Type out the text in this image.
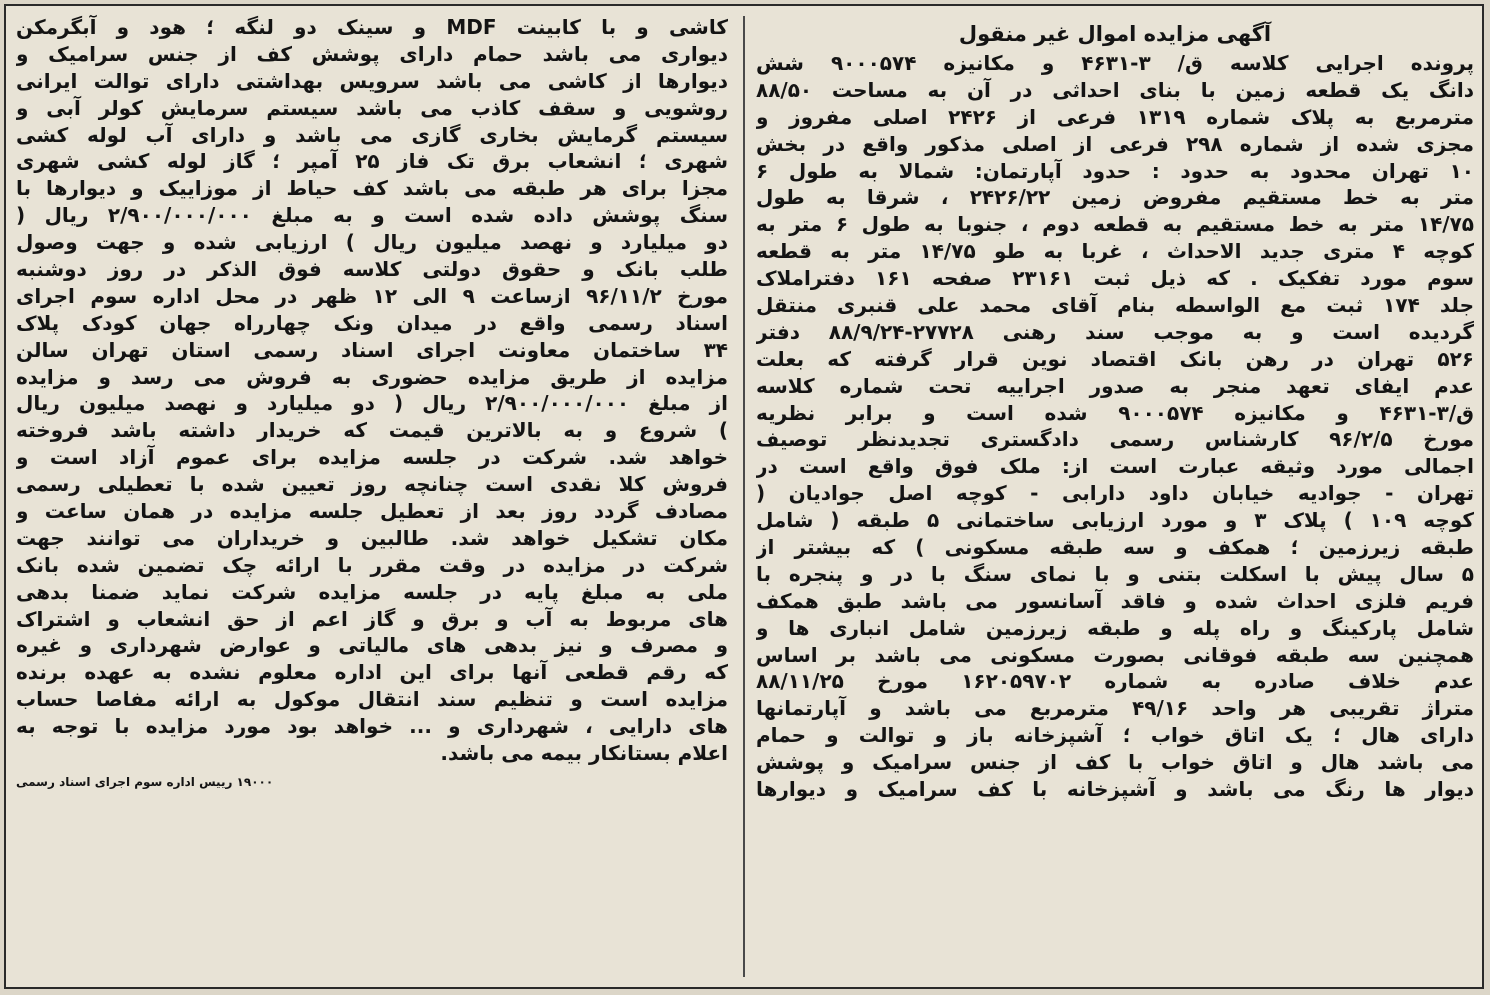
آگهی مزایده اموال غیر منقول
پرونده اجرایی کلاسه ق/ ۳-۴۶۳۱ و مکانیزه ۹۰۰۰۵۷۴ شش
دانگ یک قطعه زمین با بنای احداثی در آن به مساحت ۸۸/۵۰
مترمربع به پلاک شماره ۱۳۱۹ فرعی از ۲۴۲۶ اصلی مفروز و
مجزی شده از شماره ۲۹۸ فرعی از اصلی مذکور واقع در بخش
۱۰ تهران محدود به حدود : حدود آپارتمان: شمالا به طول ۶
متر به خط مستقیم مفروض زمین ۲۴۲۶/۲۲ ، شرقا به طول
۱۴/۷۵ متر به خط مستقیم به قطعه دوم ، جنوبا به طول ۶ متر به
کوچه ۴ متری جدید الاحداث ، غربا به طو ۱۴/۷۵ متر به قطعه
سوم مورد تفکیک . که ذیل ثبت ۲۳۱۶۱ صفحه ۱۶۱ دفتراملاک
جلد ۱۷۴ ثبت مع الواسطه بنام آقای محمد علی قنبری منتقل
گردیده است و به موجب سند رهنی ۲۷۷۲۸-۸۸/۹/۲۴ دفتر
۵۲۶ تهران در رهن بانک اقتصاد نوین قرار گرفته که بعلت
عدم ایفای تعهد منجر به صدور اجراییه تحت شماره کلاسه
ق/۳-۴۶۳۱ و مکانیزه ۹۰۰۰۵۷۴ شده است و برابر نظریه
مورخ ۹۶/۲/۵ کارشناس رسمی دادگستری تجدیدنظر توصیف
اجمالی مورد وثیقه عبارت است از: ملک فوق واقع است در
تهران - جوادیه خیابان داود دارابی - کوچه اصل جوادیان (
کوچه ۱۰۹ ) پلاک ۳ و مورد ارزیابی ساختمانی ۵ طبقه ( شامل
طبقه زیرزمین ؛ همکف و سه طبقه مسکونی ) که بیشتر از
۵ سال پیش با اسکلت بتنی و با نمای سنگ با در و پنجره با
فریم فلزی احداث شده و فاقد آسانسور می باشد طبق همکف
شامل پارکینگ و راه پله و طبقه زیرزمین شامل انباری ها و
همچنین سه طبقه فوقانی بصورت مسکونی می باشد بر اساس
عدم خلاف صادره به شماره ۱۶۲۰۵۹۷۰۲ مورخ ۸۸/۱۱/۲۵
متراژ تقریبی هر واحد ۴۹/۱۶ مترمربع می باشد و آپارتمانها
دارای هال ؛ یک اتاق خواب ؛ آشپزخانه باز و توالت و حمام
می باشد هال و اتاق خواب با کف از جنس سرامیک و پوشش
دیوار ها رنگ می باشد و آشپزخانه با کف سرامیک و دیوارها
کاشی و با کابینت MDF و سینک دو لنگه ؛ هود و آبگرمکن
دیواری می باشد حمام دارای پوشش کف از جنس سرامیک و
دیوارها از کاشی می باشد سرویس بهداشتی دارای توالت ایرانی
روشویی و سقف کاذب می باشد سیستم سرمایش کولر آبی و
سیستم گرمایش بخاری گازی می باشد و دارای آب لوله کشی
شهری ؛ انشعاب برق تک فاز ۲۵ آمپر ؛ گاز لوله کشی شهری
مجزا برای هر طبقه می باشد کف حیاط از موزاییک و دیوارها با
سنگ پوشش داده شده است و به مبلغ ۲/۹۰۰/۰۰۰/۰۰۰ ریال (
دو میلیارد و نهصد میلیون ریال ) ارزیابی شده و جهت وصول
طلب بانک و حقوق دولتی کلاسه فوق الذکر در روز دوشنبه
مورخ ۹۶/۱۱/۲ ازساعت ۹ الی ۱۲ ظهر در محل اداره سوم اجرای
اسناد رسمی واقع در میدان ونک چهارراه جهان کودک پلاک
۳۴ ساختمان معاونت اجرای اسناد رسمی استان تهران سالن
مزایده از طریق مزایده حضوری به فروش می رسد و مزایده
از مبلغ ۲/۹۰۰/۰۰۰/۰۰۰ ریال ( دو میلیارد و نهصد میلیون ریال
) شروع و به بالاترین قیمت که خریدار داشته باشد فروخته
خواهد شد. شرکت در جلسه مزایده برای عموم آزاد است و
فروش کلا نقدی است چنانچه روز تعیین شده با تعطیلی رسمی
مصادف گردد روز بعد از تعطیل جلسه مزایده در همان ساعت و
مکان تشکیل خواهد شد. طالبین و خریداران می توانند جهت
شرکت در مزایده در وقت مقرر با ارائه چک تضمین شده بانک
ملی به مبلغ پایه در جلسه مزایده شرکت نماید ضمنا بدهی
های مربوط به آب و برق و گاز اعم از حق انشعاب و اشتراک
و مصرف و نیز بدهی های مالیاتی و عوارض شهرداری و غیره
که رقم قطعی آنها برای این اداره معلوم نشده به عهده برنده
مزایده است و تنظیم سند انتقال موکول به ارائه مفاصا حساب
های دارایی ، شهرداری و ... خواهد بود مورد مزایده با توجه به
اعلام بستانکار بیمه می باشد.
۱۹۰۰۰ رییس اداره سوم اجرای اسناد رسمی
